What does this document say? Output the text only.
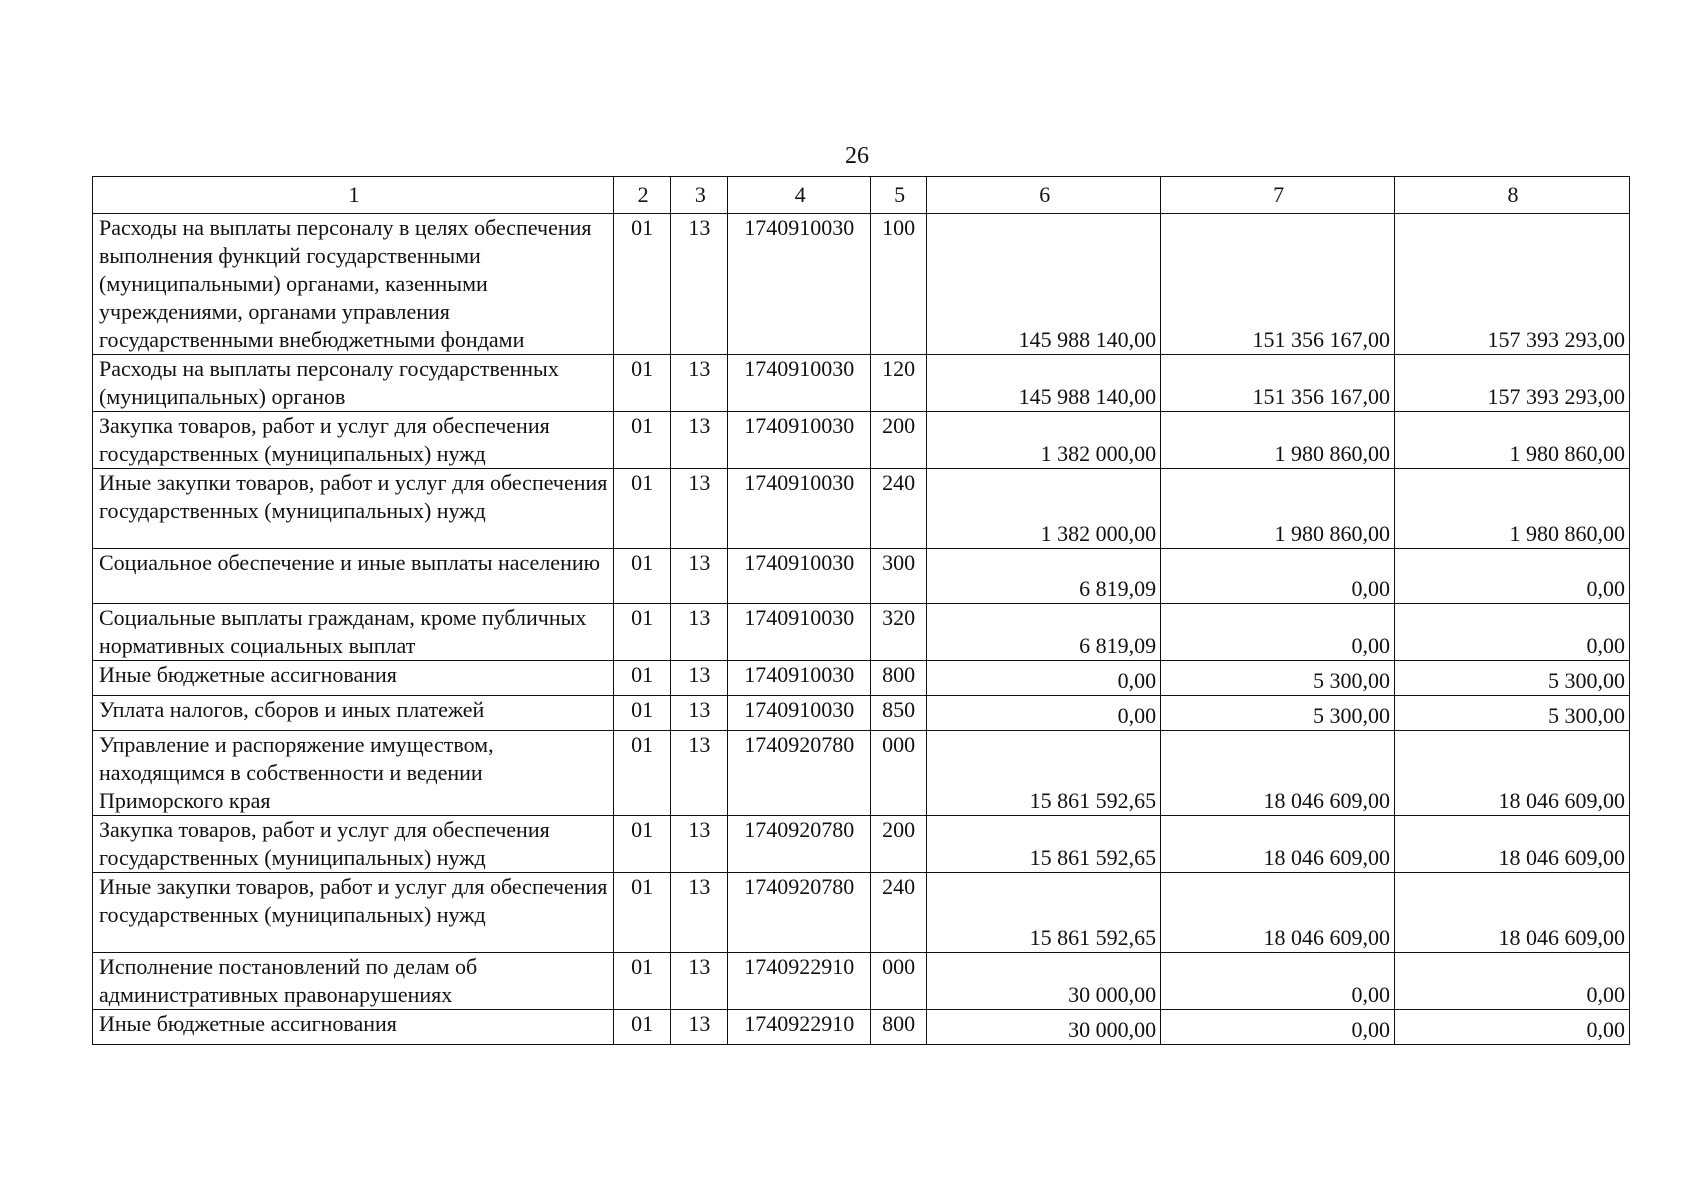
26
1	2	3	4	5	6	7	8
Расходы на выплаты персоналу в целях обеспечения выполнения функций государственными (муниципальными) органами, казенными учреждениями, органами управления государственными внебюджетными фондами	01	13	1740910030	100	145 988 140,00	151 356 167,00	157 393 293,00
Расходы на выплаты персоналу государственных (муниципальных) органов	01	13	1740910030	120	145 988 140,00	151 356 167,00	157 393 293,00
Закупка товаров, работ и услуг для обеспечения государственных (муниципальных) нужд	01	13	1740910030	200	1 382 000,00	1 980 860,00	1 980 860,00
Иные закупки товаров, работ и услуг для обеспечения государственных (муниципальных) нужд	01	13	1740910030	240	1 382 000,00	1 980 860,00	1 980 860,00
Социальное обеспечение и иные выплаты населению	01	13	1740910030	300	6 819,09	0,00	0,00
Социальные выплаты гражданам, кроме публичных нормативных социальных выплат	01	13	1740910030	320	6 819,09	0,00	0,00
Иные бюджетные ассигнования	01	13	1740910030	800	0,00	5 300,00	5 300,00
Уплата налогов, сборов и иных платежей	01	13	1740910030	850	0,00	5 300,00	5 300,00
Управление и распоряжение имуществом, находящимся в собственности и ведении Приморского края	01	13	1740920780	000	15 861 592,65	18 046 609,00	18 046 609,00
Закупка товаров, работ и услуг для обеспечения государственных (муниципальных) нужд	01	13	1740920780	200	15 861 592,65	18 046 609,00	18 046 609,00
Иные закупки товаров, работ и услуг для обеспечения государственных (муниципальных) нужд	01	13	1740920780	240	15 861 592,65	18 046 609,00	18 046 609,00
Исполнение постановлений по делам об административных правонарушениях	01	13	1740922910	000	30 000,00	0,00	0,00
Иные бюджетные ассигнования	01	13	1740922910	800	30 000,00	0,00	0,00
